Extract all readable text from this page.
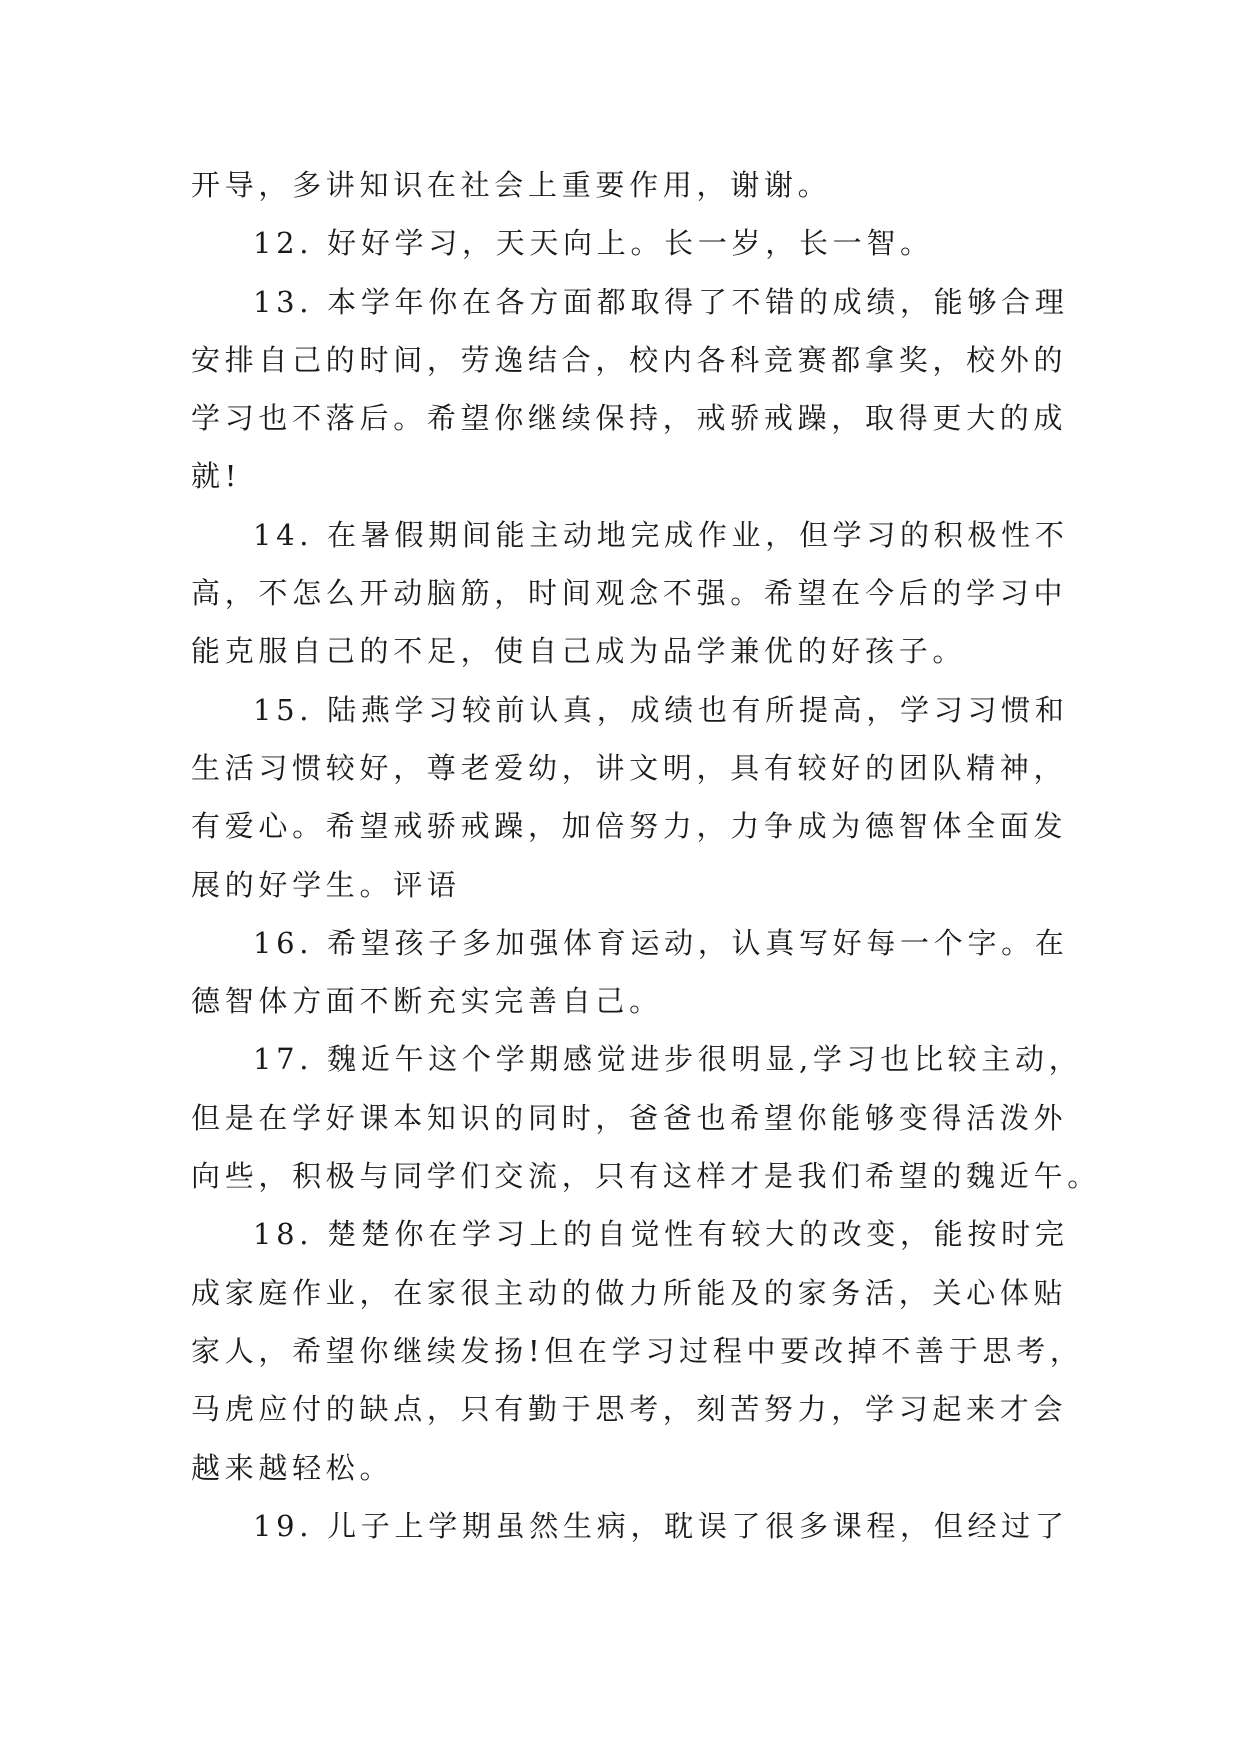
开导，多讲知识在社会上重要作用，谢谢。
12. 好好学习，天天向上。长一岁，长一智。
13. 本学年你在各方面都取得了不错的成绩，能够合理
安排自己的时间，劳逸结合，校内各科竞赛都拿奖，校外的
学习也不落后。希望你继续保持，戒骄戒躁，取得更大的成
就!
14. 在暑假期间能主动地完成作业，但学习的积极性不
高，不怎么开动脑筋，时间观念不强。希望在今后的学习中
能克服自己的不足，使自己成为品学兼优的好孩子。
15. 陆燕学习较前认真，成绩也有所提高，学习习惯和
生活习惯较好，尊老爱幼，讲文明，具有较好的团队精神，
有爱心。希望戒骄戒躁，加倍努力，力争成为德智体全面发
展的好学生。评语
16. 希望孩子多加强体育运动，认真写好每一个字。在
德智体方面不断充实完善自己。
17. 魏近午这个学期感觉进步很明显,学习也比较主动，
但是在学好课本知识的同时，爸爸也希望你能够变得活泼外
向些，积极与同学们交流，只有这样才是我们希望的魏近午。
18. 楚楚你在学习上的自觉性有较大的改变，能按时完
成家庭作业，在家很主动的做力所能及的家务活，关心体贴
家人，希望你继续发扬!但在学习过程中要改掉不善于思考，
马虎应付的缺点，只有勤于思考，刻苦努力，学习起来才会
越来越轻松。
19. 儿子上学期虽然生病，耽误了很多课程，但经过了
